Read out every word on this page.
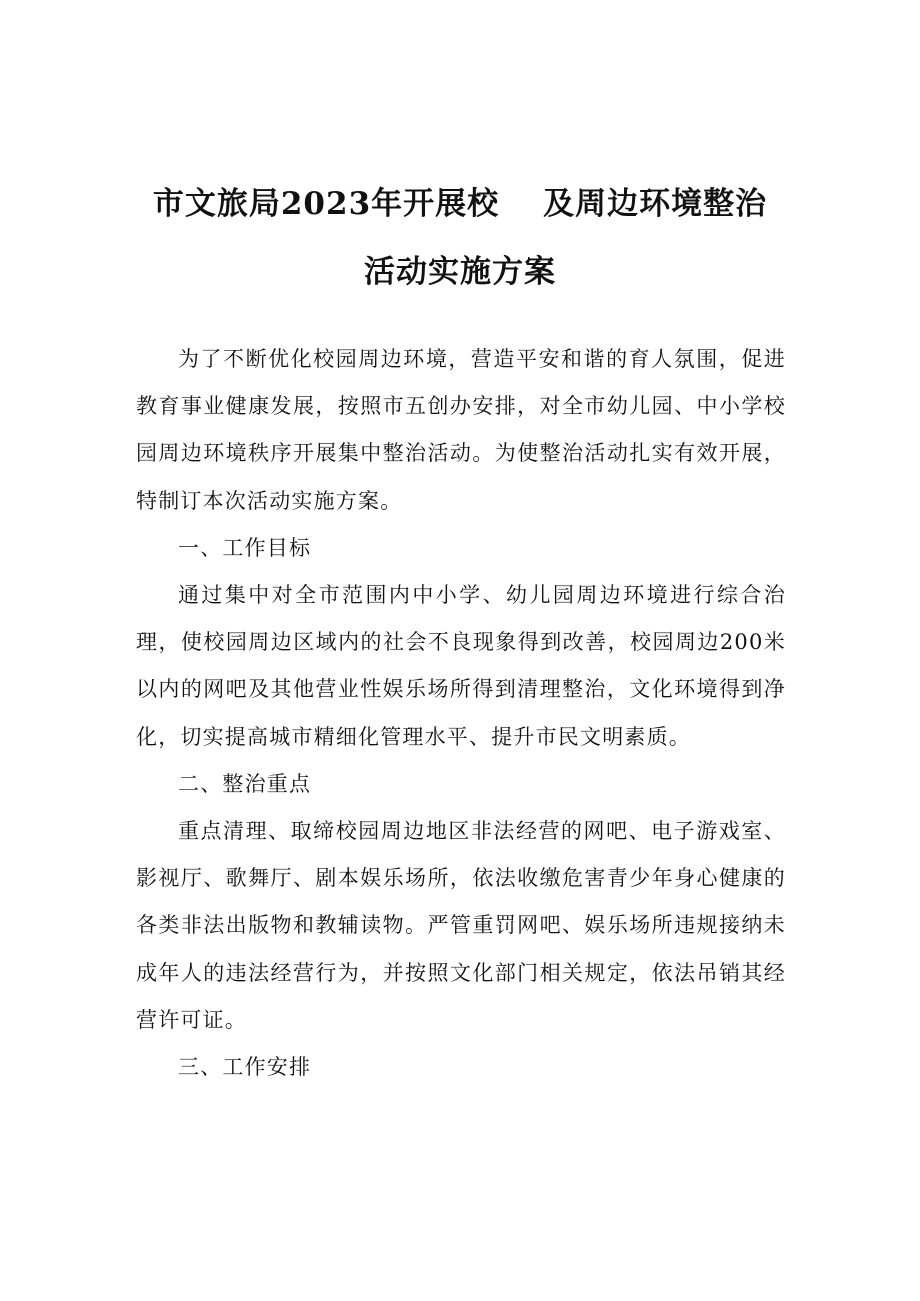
市文旅局2023年开展校 及周边环境整治
活动实施方案

为了不断优化校园周边环境，营造平安和谐的育人氛围，促进教育事业健康发展，按照市五创办安排，对全市幼儿园、中小学校园周边环境秩序开展集中整治活动。为使整治活动扎实有效开展，特制订本次活动实施方案。

一、工作目标

通过集中对全市范围内中小学、幼儿园周边环境进行综合治理，使校园周边区域内的社会不良现象得到改善，校园周边200米以内的网吧及其他营业性娱乐场所得到清理整治，文化环境得到净化，切实提高城市精细化管理水平、提升市民文明素质。

二、整治重点

重点清理、取缔校园周边地区非法经营的网吧、电子游戏室、影视厅、歌舞厅、剧本娱乐场所，依法收缴危害青少年身心健康的各类非法出版物和教辅读物。严管重罚网吧、娱乐场所违规接纳未成年人的违法经营行为，并按照文化部门相关规定，依法吊销其经营许可证。

三、工作安排
